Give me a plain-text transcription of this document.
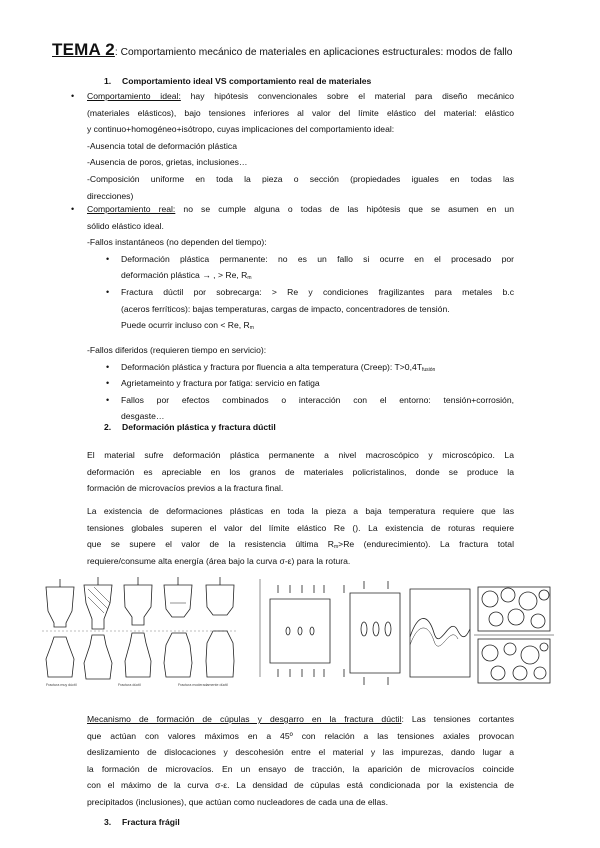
TEMA 2: Comportamiento mecánico de materiales en aplicaciones estructurales: modos de fallo
1. Comportamiento ideal VS comportamiento real de materiales
• Comportamiento ideal: hay hipótesis convencionales sobre el material para diseño mecánico
(materiales elásticos), bajo tensiones inferiores al valor del límite elástico del material: elástico
y continuo+homogéneo+isótropo, cuyas implicaciones del comportamiento ideal:
-Ausencia total de deformación plástica
-Ausencia de poros, grietas, inclusiones…
-Composición uniforme en toda la pieza o sección (propiedades iguales en todas las
direcciones)
• Comportamiento real: no se cumple alguna o todas de las hipótesis que se asumen en un
sólido elástico ideal.
-Fallos instantáneos (no dependen del tiempo):
• Deformación plástica permanente: no es un fallo si ocurre en el procesado por
deformación plástica → , > Re, $R_m$
• Fractura dúctil por sobrecarga: > Re y condiciones fragilizantes para metales b.c
(aceros ferríticos): bajas temperaturas, cargas de impacto, concentradores de tensión.
Puede ocurrir incluso con < Re, $R_m$
-Fallos diferidos (requieren tiempo en servicio):
• Deformación plástica y fractura por fluencia a alta temperatura (Creep): $T>0,4T_{fusión}$
• Agrietameinto y fractura por fatiga: servicio en fatiga
• Fallos por efectos combinados o interacción con el entorno: tensión+corrosión,
desgaste…
2. Deformación plástica y fractura dúctil
El material sufre deformación plástica permanente a nivel macroscópico y microscópico. La
deformación es apreciable en los granos de materiales policristalinos, donde se produce la
formación de microvacíos previos a la fractura final.
La existencia de deformaciones plásticas en toda la pieza a baja temperatura requiere que las
tensiones globales superen el valor del límite elástico Re (). La existencia de roturas requiere
que se supere el valor de la resistencia última $R_m>Re$ (endurecimiento). La fractura total
requiere/consume alta energía (área bajo la curva σ-ε) para la rotura.
Fractura muy dúctil	Fractura dúctil	Fractura moderadamente dúctil
Mecanismo de formación de cúpulas y desgarro en la fractura dúctil: Las tensiones cortantes
que actúan con valores máximos en a 45º con relación a las tensiones axiales provocan
deslizamiento de dislocaciones y descohesión entre el material y las impurezas, dando lugar a
la formación de microvacíos. En un ensayo de tracción, la aparición de microvacíos coincide
con el máximo de la curva σ-ε. La densidad de cúpulas está condicionada por la existencia de
precipitados (inclusiones), que actúan como nucleadores de cada una de ellas.
3. Fractura frágil
